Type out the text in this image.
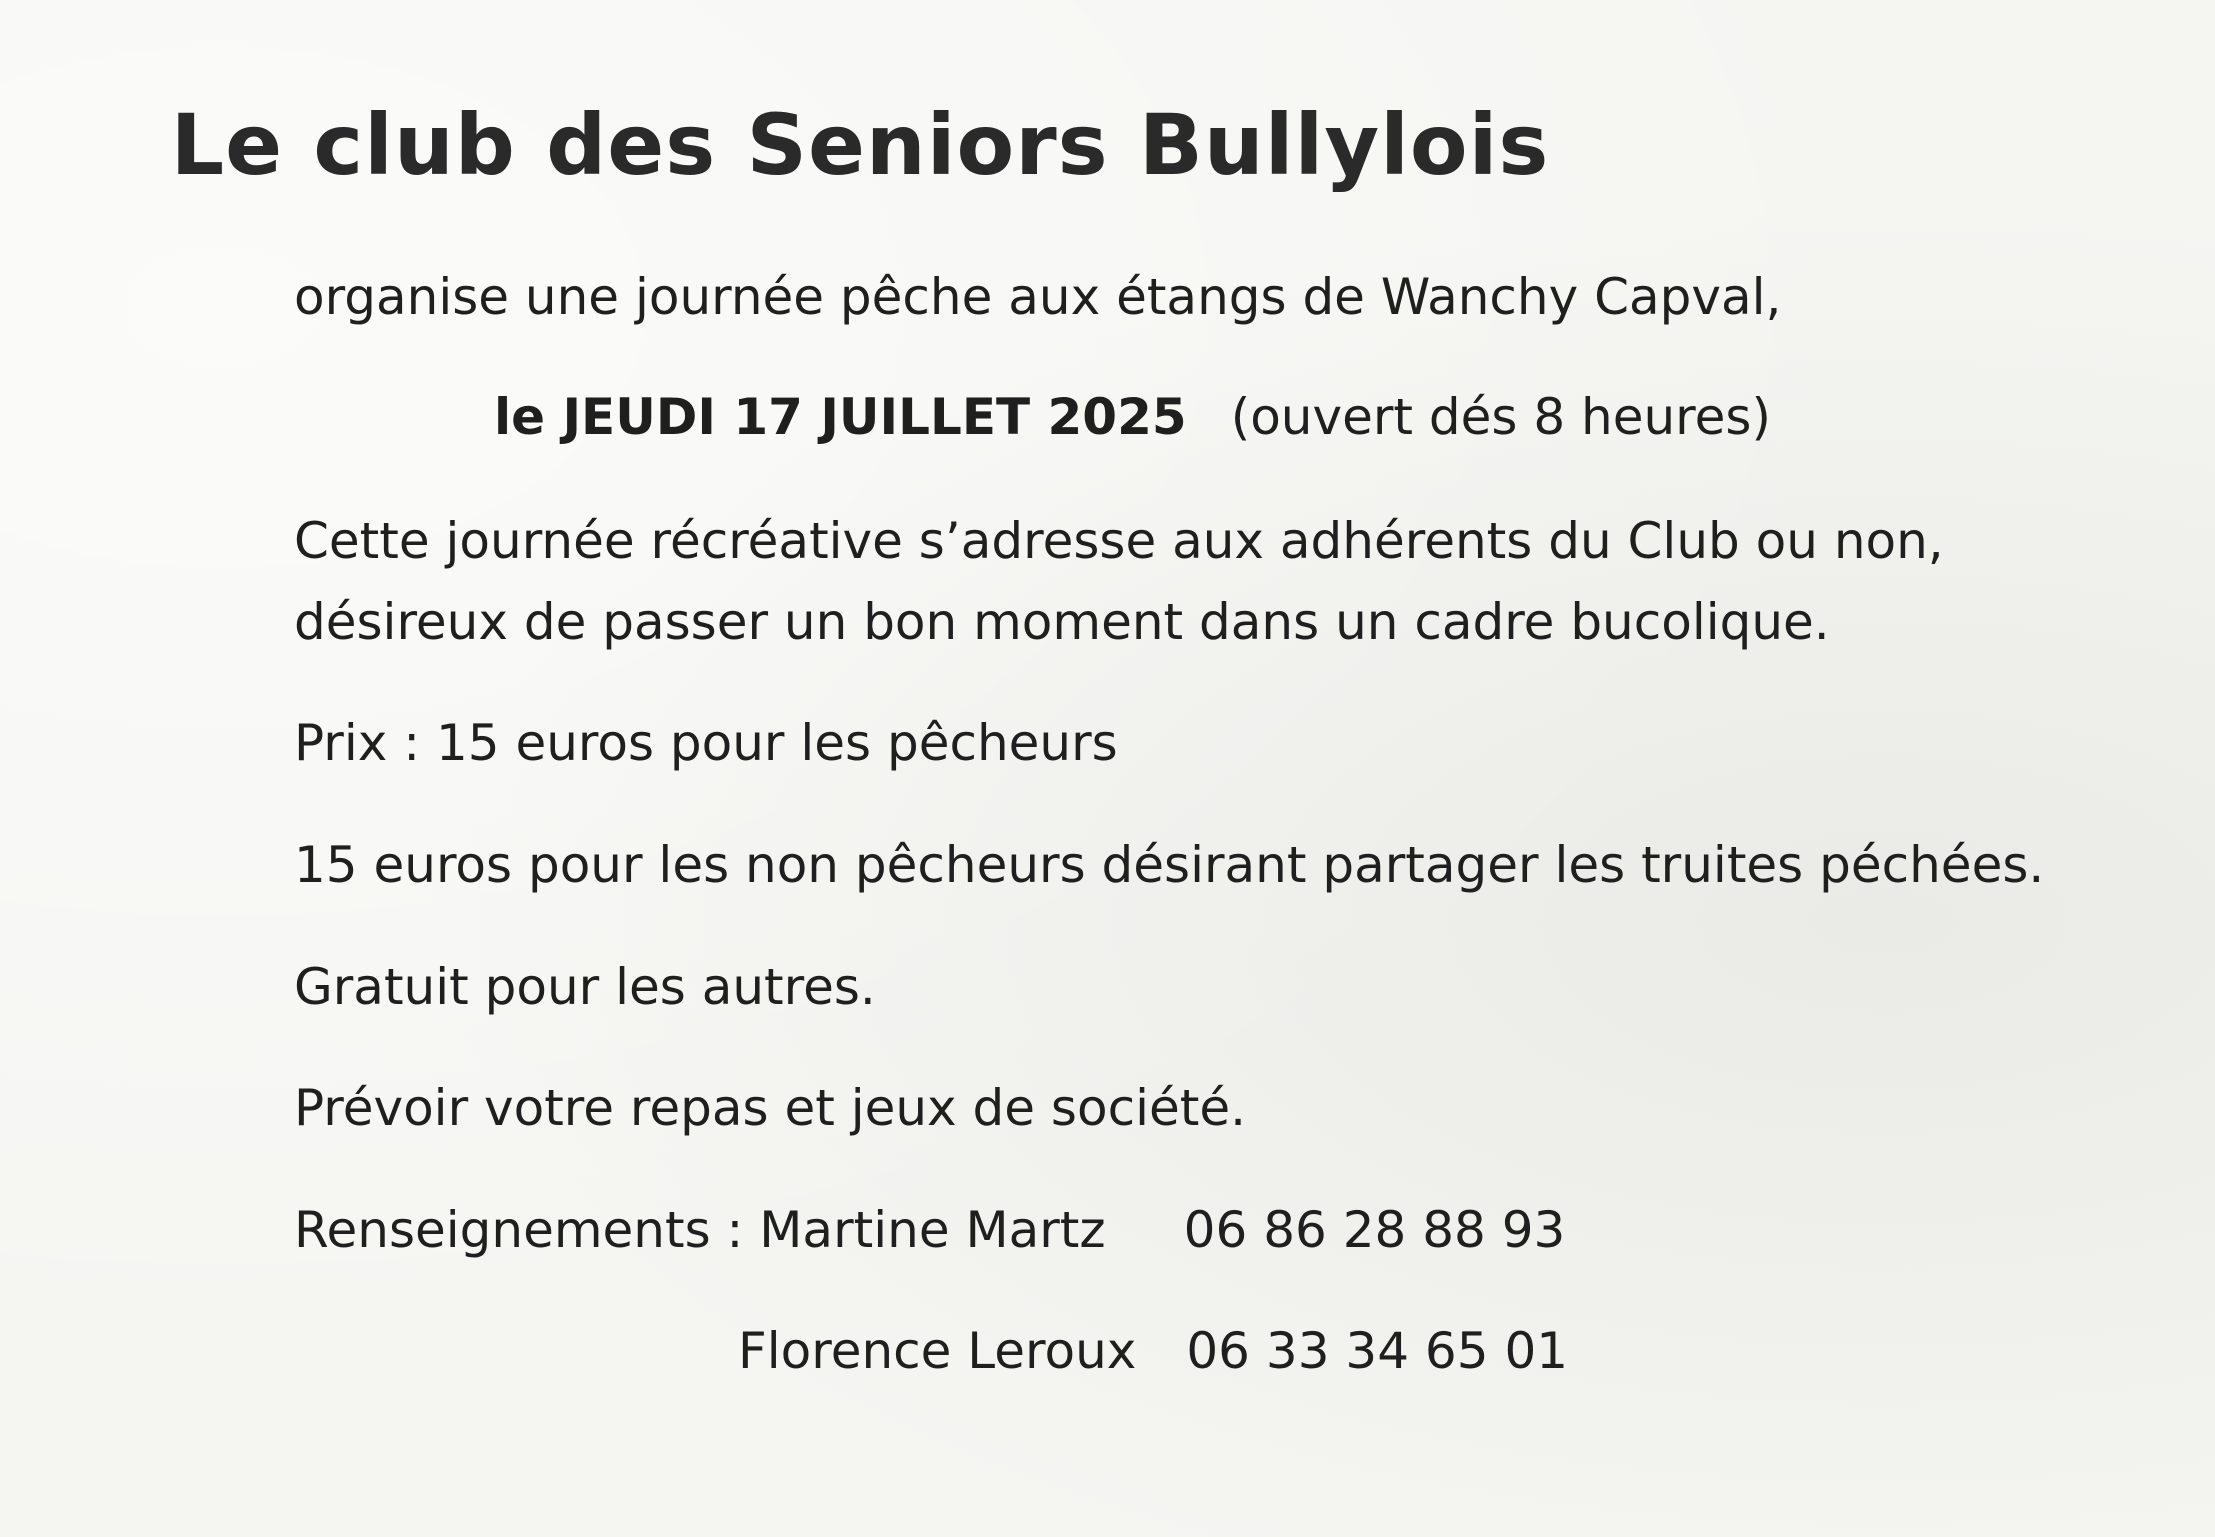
Le club des Seniors Bullylois
organise une journée pêche aux étangs de Wanchy Capval,
le JEUDI 17 JUILLET 2025 (ouvert dés 8 heures)
Cette journée récréative s’adresse aux adhérents du Club ou non,
désireux de passer un bon moment dans un cadre bucolique.
Prix : 15 euros pour les pêcheurs
15 euros pour les non pêcheurs désirant partager les truites péchées.
Gratuit pour les autres.
Prévoir votre repas et jeux de société.
Renseignements : Martine Martz 06 86 28 88 93
Florence Leroux 06 33 34 65 01
